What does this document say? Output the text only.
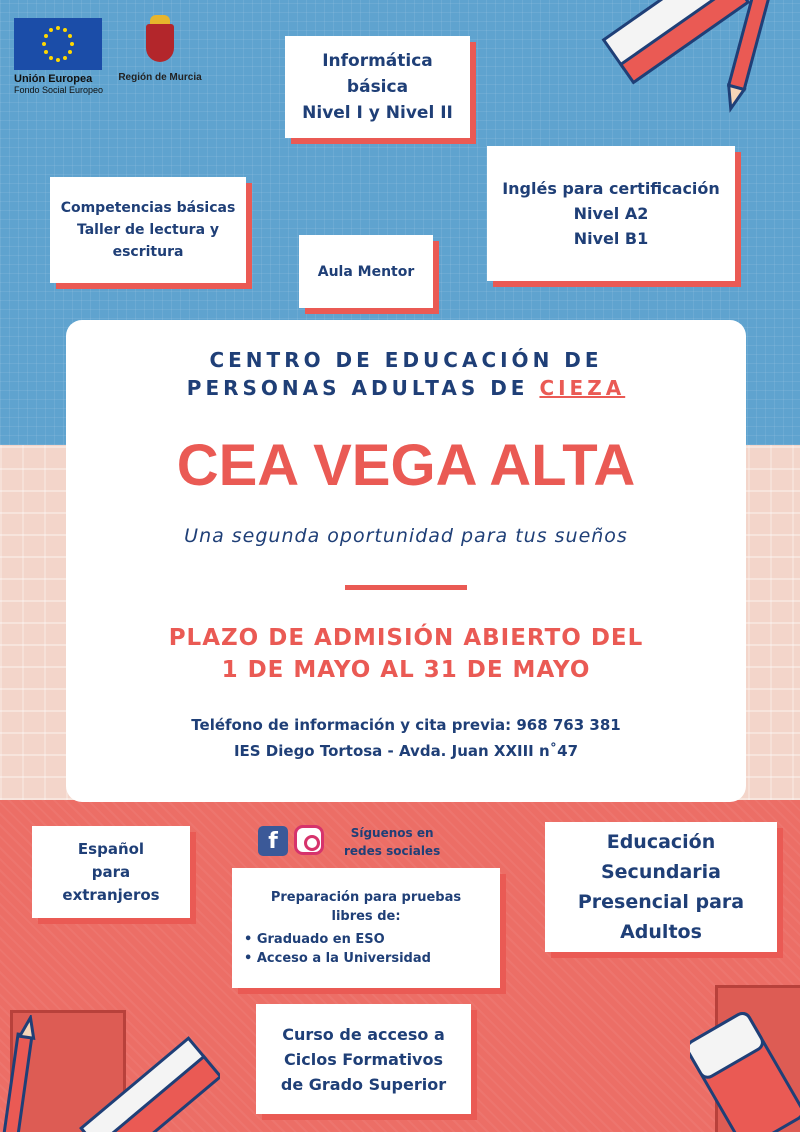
Unión Europea
Fondo Social Europeo
Región de Murcia
Informática
básica
Nivel I y Nivel II
Inglés para certificación
Nivel A2
Nivel B1
Competencias básicas
Taller de lectura y
escritura
Aula Mentor
CENTRO DE EDUCACIÓN DE
PERSONAS ADULTAS DE CIEZA
CEA VEGA ALTA
Una segunda oportunidad para tus sueños
PLAZO DE ADMISIÓN ABIERTO DEL
1 DE MAYO AL 31 DE MAYO
Teléfono de información y cita previa: 968 763 381
IES Diego Tortosa - Avda. Juan XXIII n˚47
f	Síguenos en
redes sociales
Español
para
extranjeros	Preparación para pruebas
libres de:
• Graduado en ESO
• Acceso a la Universidad
Educación
Secundaria
Presencial para
Adultos
Curso de acceso a
Ciclos Formativos
de Grado Superior
